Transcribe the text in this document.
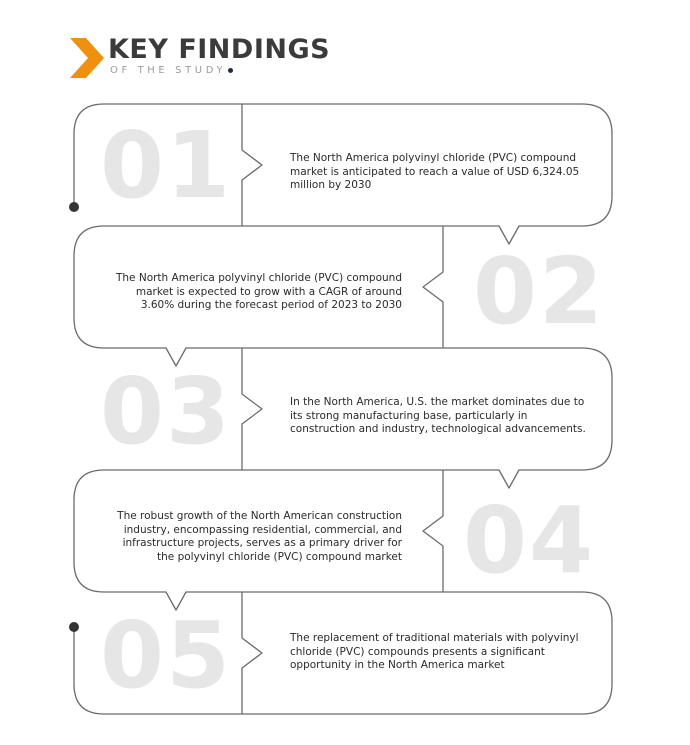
KEY FINDINGS
OF THE STUDY
01	The North America polyvinyl chloride (PVC) compound market is anticipated to reach a value of USD 6,324.05 million by 2030
02
The North America polyvinyl chloride (PVC) compound market is expected to grow with a CAGR of around 3.60% during the forecast period of 2023 to 2030
03	In the North America, U.S. the market dominates due to its strong manufacturing base, particularly in construction and industry, technological advancements.
04
The robust growth of the North American construction industry, encompassing residential, commercial, and infrastructure projects, serves as a primary driver for the polyvinyl chloride (PVC) compound market
05	The replacement of traditional materials with polyvinyl chloride (PVC) compounds presents a significant opportunity in the North America market
